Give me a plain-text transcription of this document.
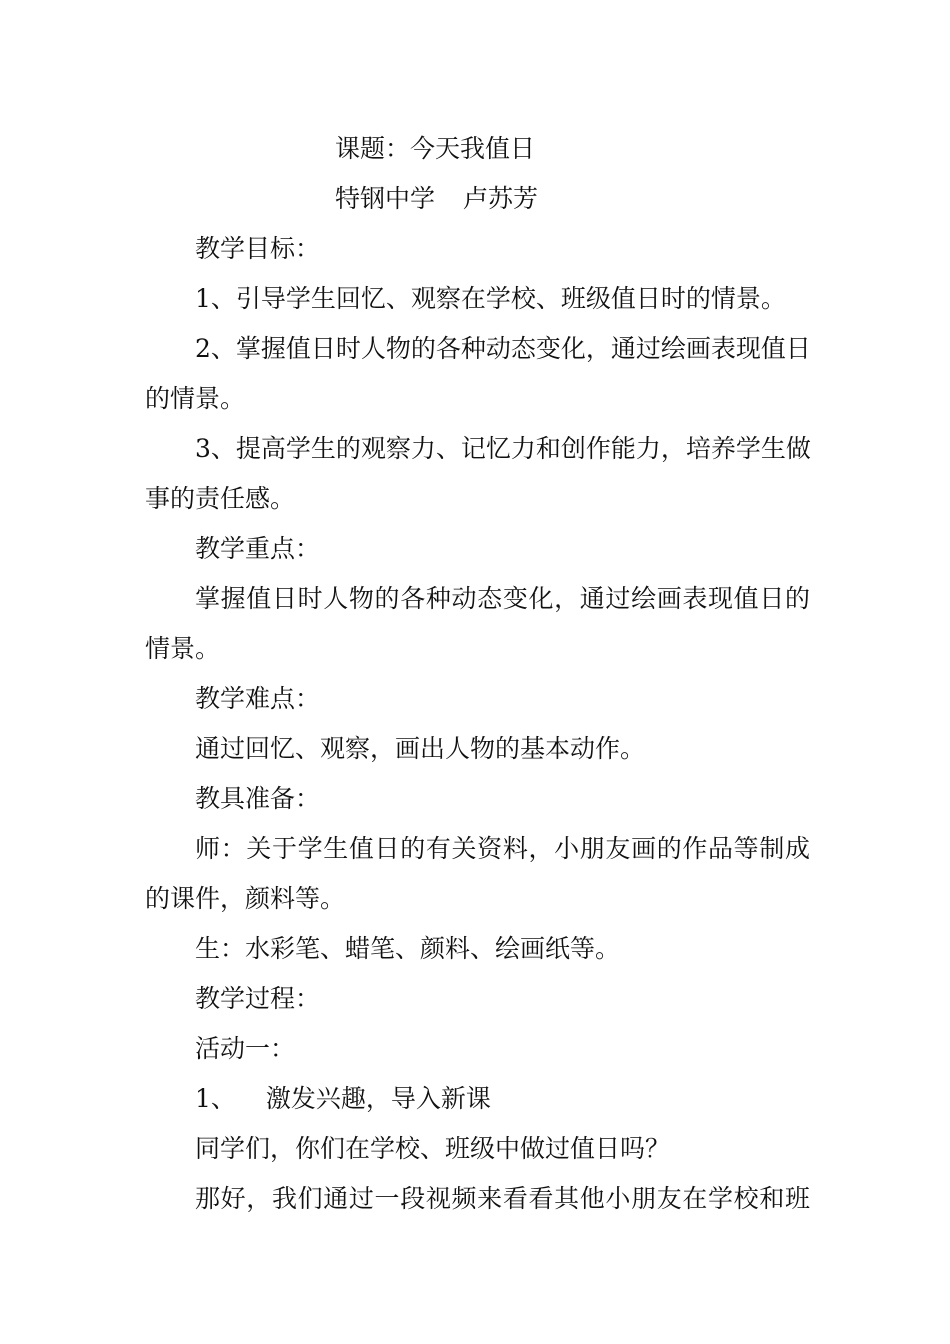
课题：今天我值日
特钢中学 卢苏芳
教学目标：
1、引导学生回忆、观察在学校、班级值日时的情景。
2、掌握值日时人物的各种动态变化，通过绘画表现值日
的情景。
3、提高学生的观察力、记忆力和创作能力，培养学生做
事的责任感。
教学重点：
掌握值日时人物的各种动态变化，通过绘画表现值日的
情景。
教学难点：
通过回忆、观察，画出人物的基本动作。
教具准备：
师：关于学生值日的有关资料，小朋友画的作品等制成
的课件，颜料等。
生：水彩笔、蜡笔、颜料、绘画纸等。
教学过程：
活动一：
1、 激发兴趣，导入新课
同学们，你们在学校、班级中做过值日吗？
那好，我们通过一段视频来看看其他小朋友在学校和班
